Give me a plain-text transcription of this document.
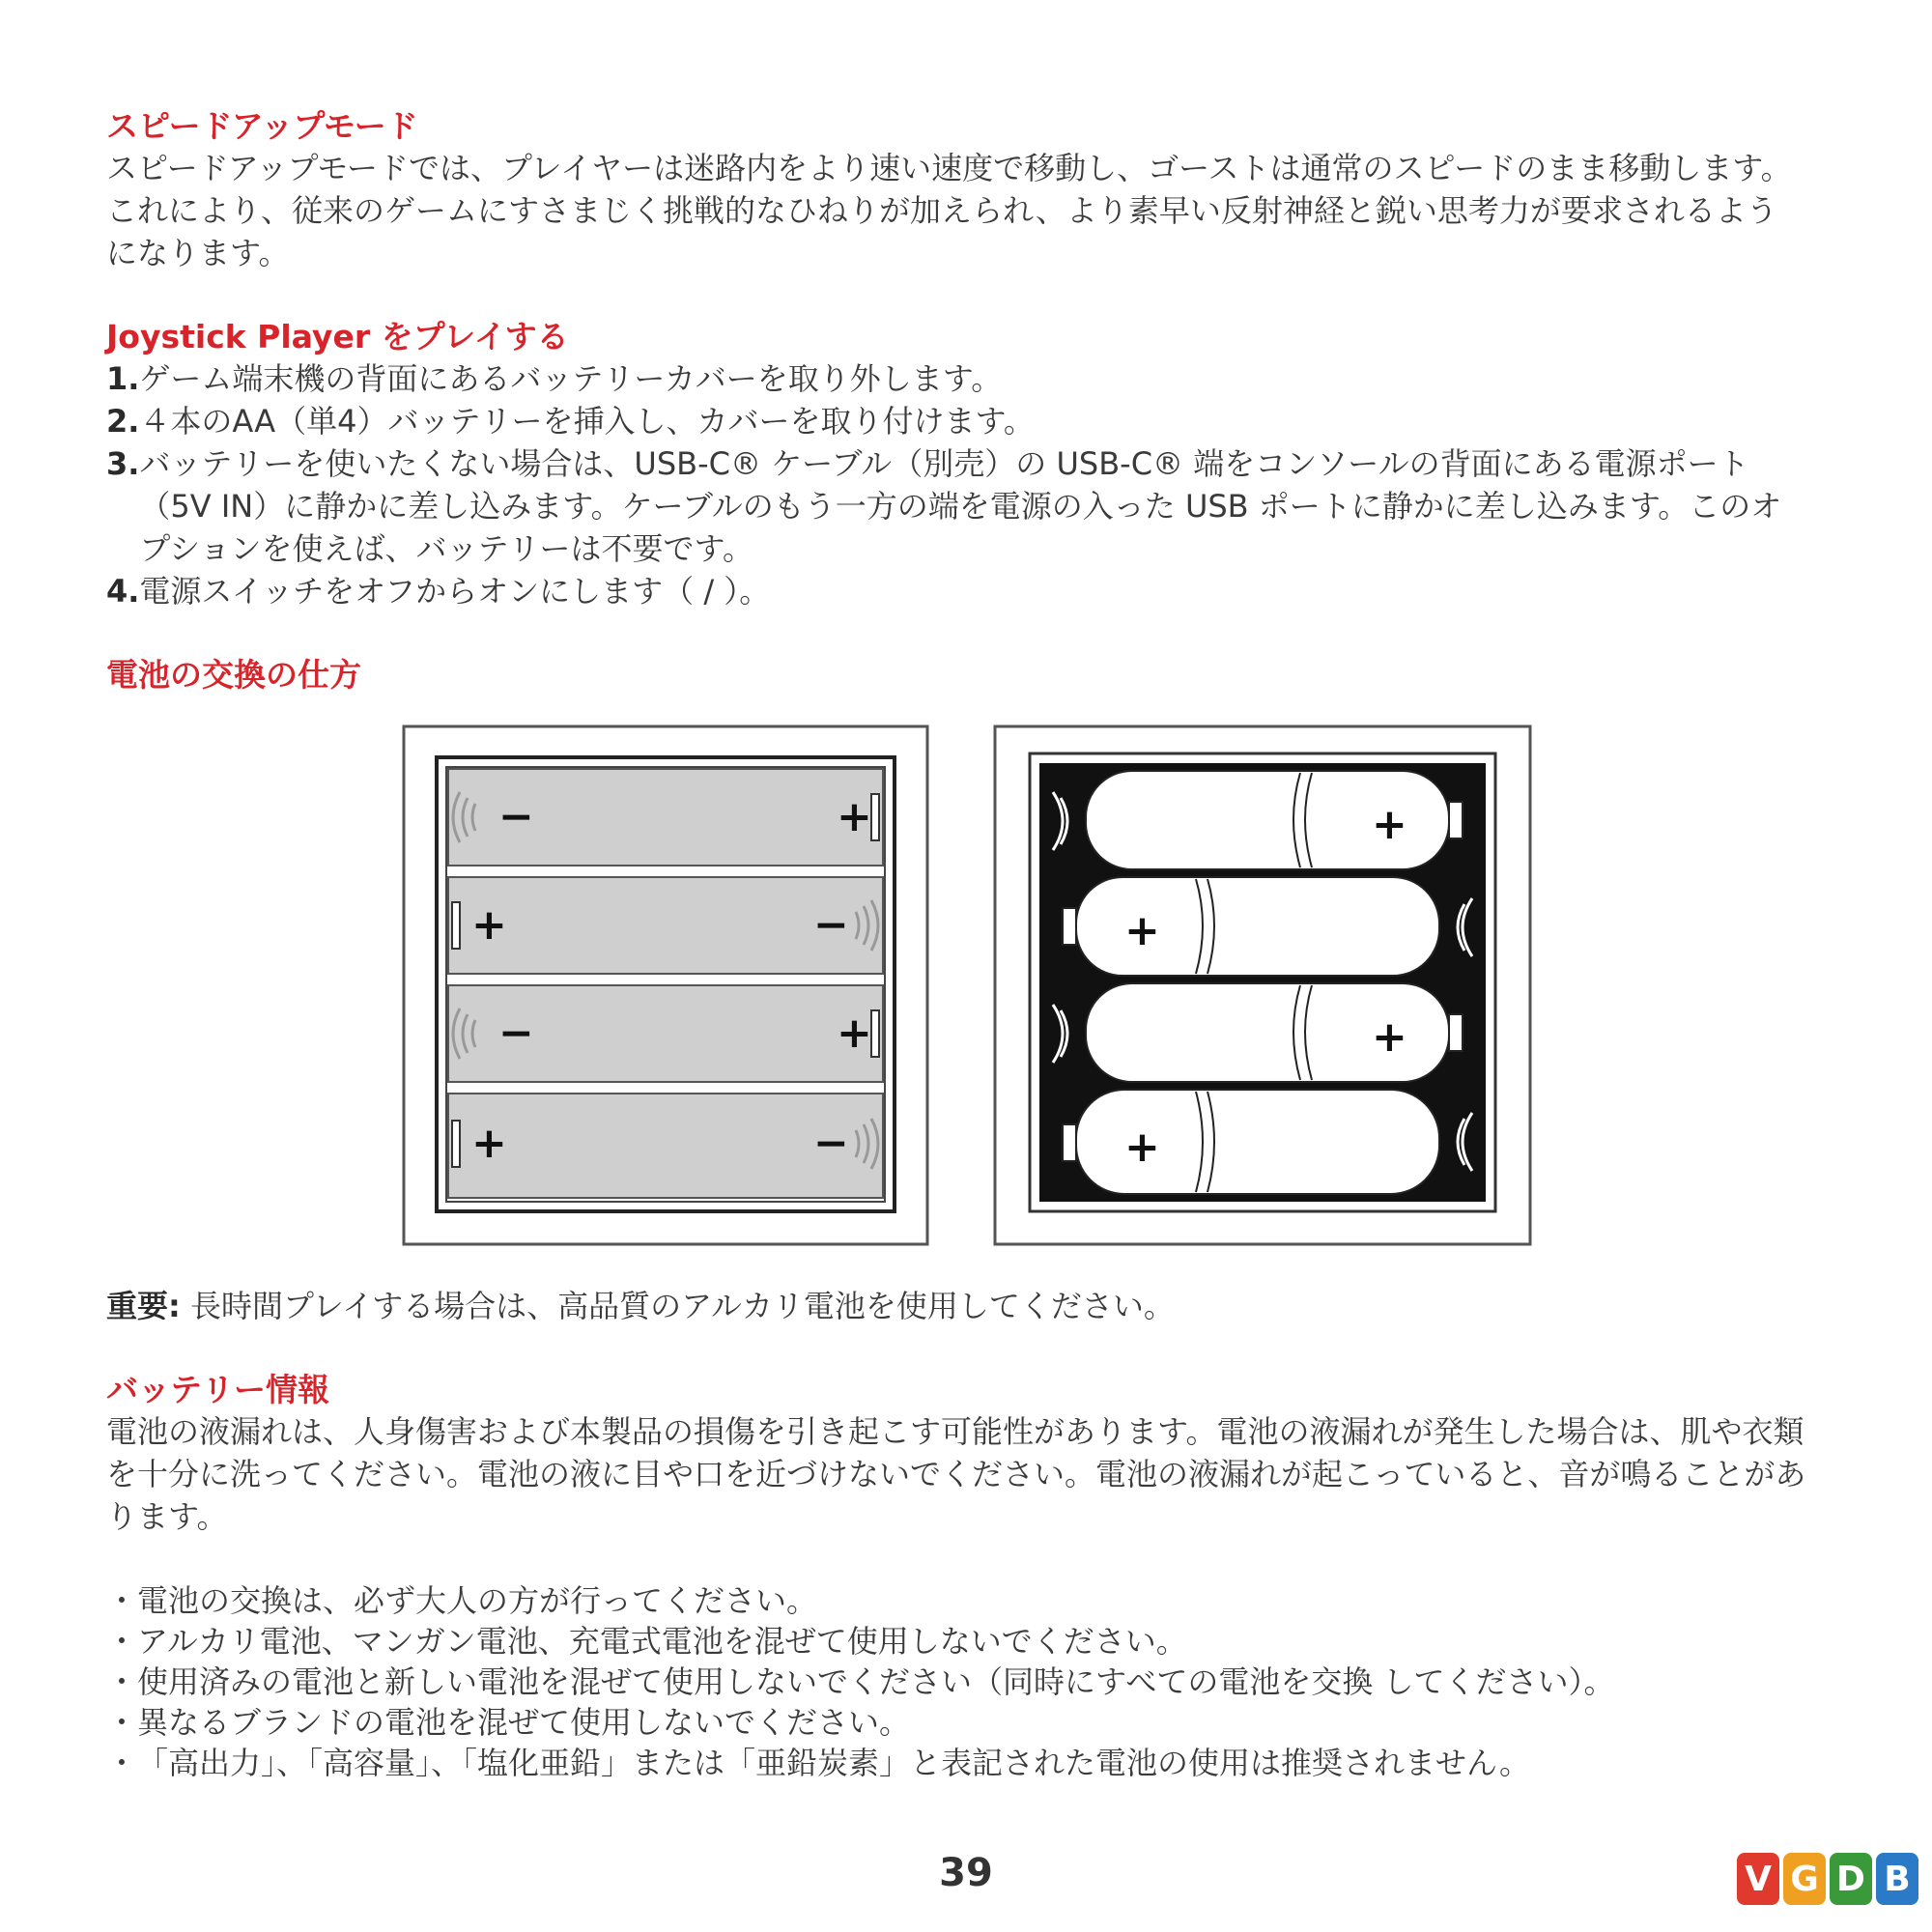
スピードアップモード

スピードアップモードでは、プレイヤーは迷路内をより速い速度で移動し、ゴーストは通常のスピードのまま移動します。これにより、従来のゲームにすさまじく挑戦的なひねりが加えられ、より素早い反射神経と鋭い思考力が要求されるようになります。

Joystick Player をプレイする
1. ゲーム端末機の背面にあるバッテリーカバーを取り外します。
2. ４本のAA（単4）バッテリーを挿入し、カバーを取り付けます。
3. バッテリーを使いたくない場合は、USB-C® ケーブル（別売）の USB-C® 端をコンソールの背面にある電源ポート（5V IN）に静かに差し込みます。ケーブルのもう一方の端を電源の入った USB ポートに静かに差し込みます。このオプションを使えば、バッテリーは不要です。
4. 電源スイッチをオフからオンにします（ / ）。
電池の交換の仕方
−	+
+	−
−	+
+	−
+
+
+
+

重要: 長時間プレイする場合は、高品質のアルカリ電池を使用してください。

バッテリー情報

電池の液漏れは、人身傷害および本製品の損傷を引き起こす可能性があります。電池の液漏れが発生した場合は、肌や衣類を十分に洗ってください。電池の液に目や口を近づけないでください。電池の液漏れが起こっていると、音が鳴ることがあります。

・ 電池の交換は、必ず大人の方が行ってください。
・ アルカリ電池、マンガン電池、充電式電池を混ぜて使用しないでください。
・ 使用済みの電池と新しい電池を混ぜて使用しないでください（同時にすべての電池を交換 してください）。
・ 異なるブランドの電池を混ぜて使用しないでください。
・ 「高出力」、「高容量」、「塩化亜鉛」または「亜鉛炭素」と表記された電池の使用は推奨されません。
39	V G D B
